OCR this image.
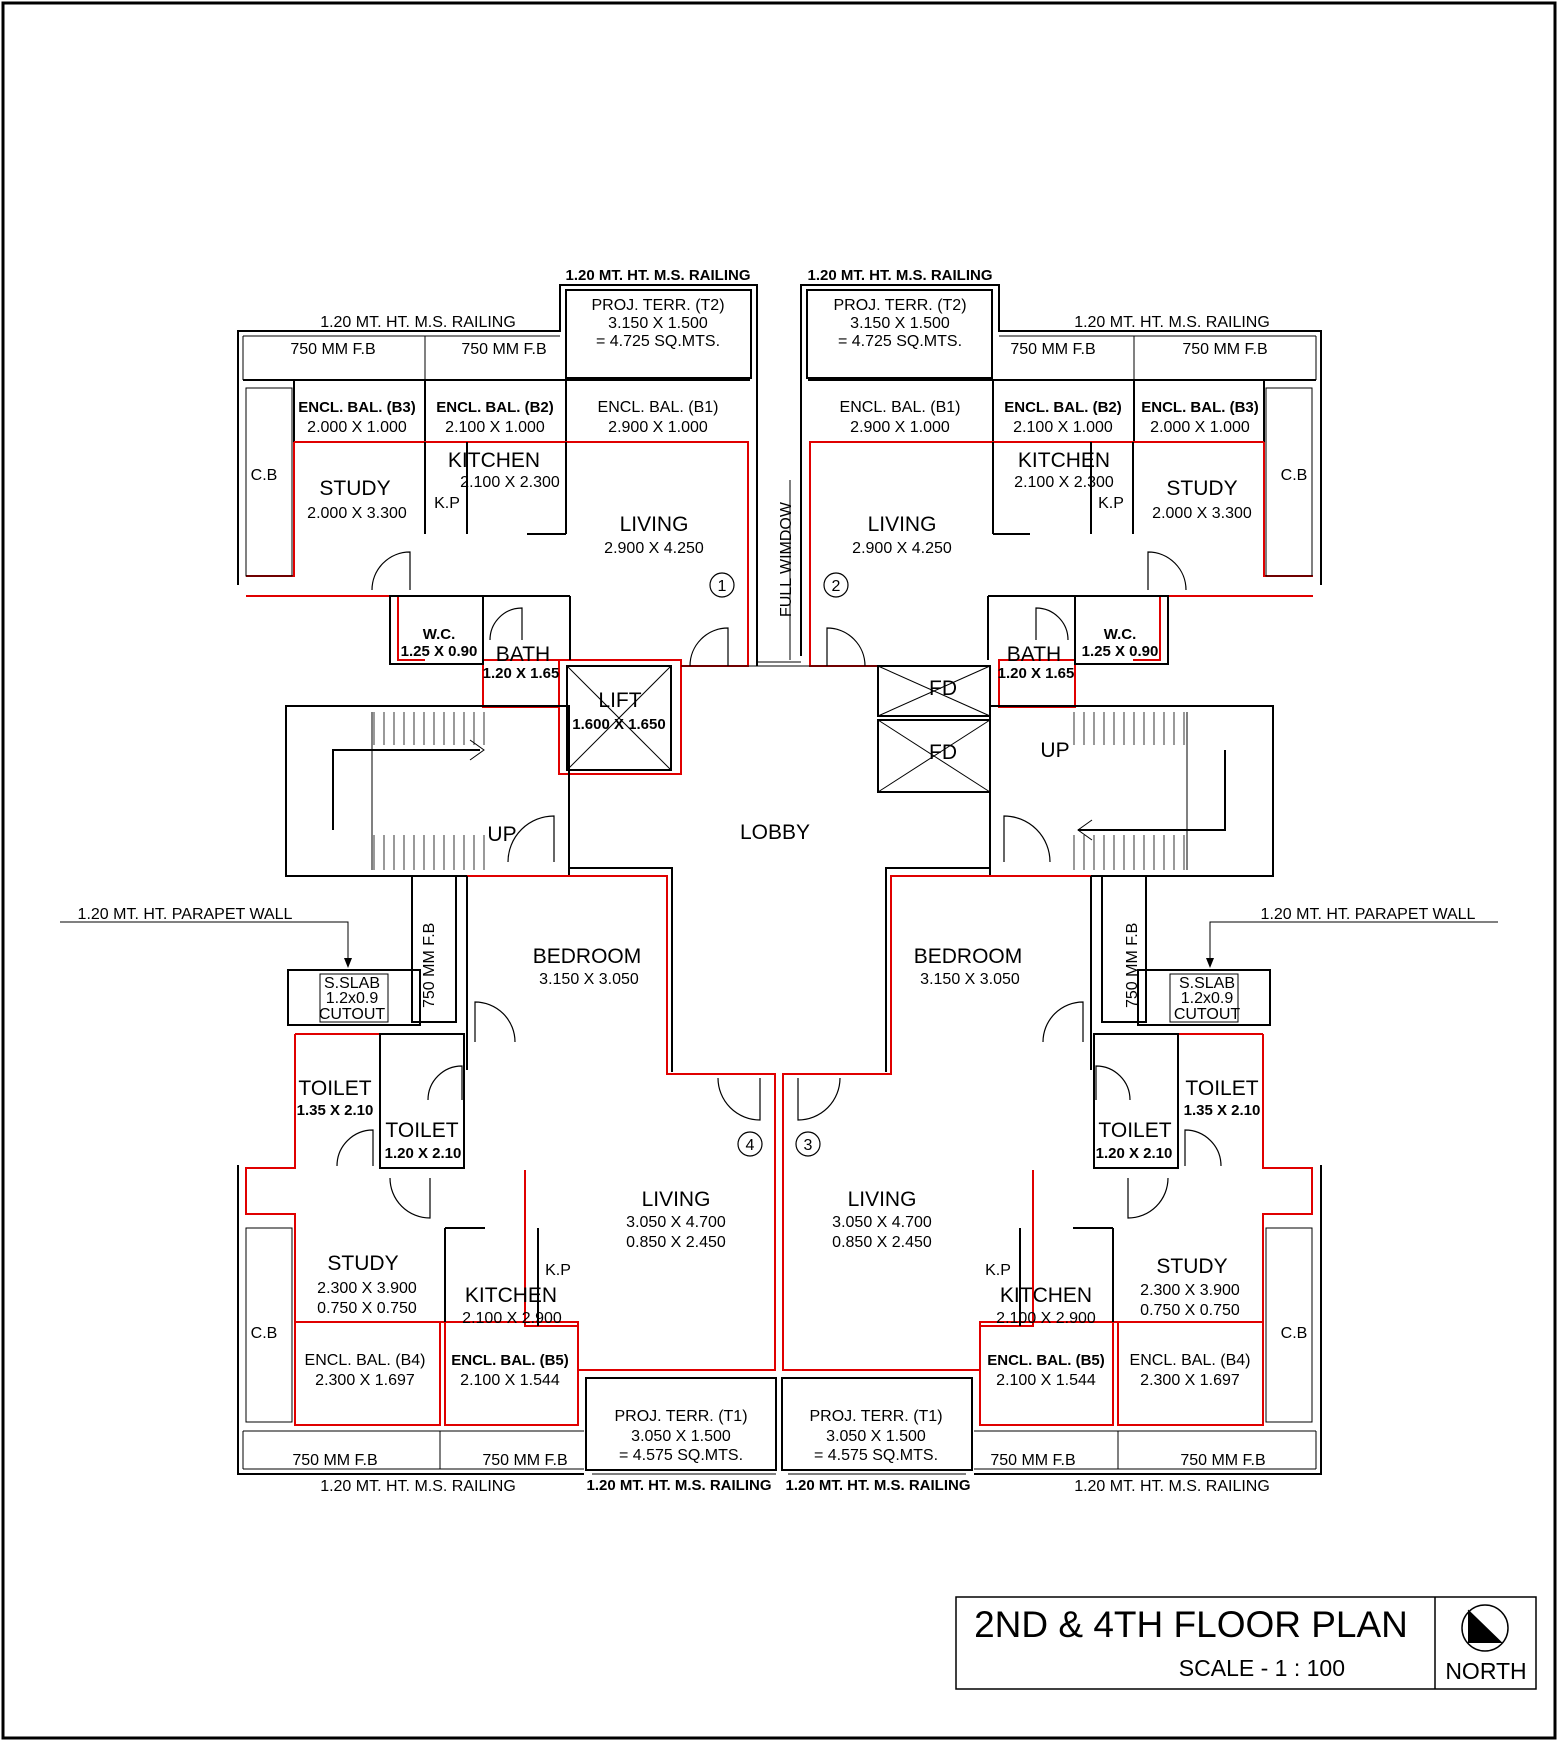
1.20 MT. HT. M.S. RAILING	1.20 MT. HT. M.S. RAILING
1.20 MT. HT. M.S. RAILING	1.20 MT. HT. M.S. RAILING
750 MM F.B	750 MM F.B	750 MM F.B	750 MM F.B
PROJ. TERR. (T2)
3.150 X 1.500
= 4.725 SQ.MTS.
PROJ. TERR. (T2)
3.150 X 1.500
= 4.725 SQ.MTS.
ENCL. BAL. (B3)
2.000 X 1.000
ENCL. BAL. (B2)
2.100 X 1.000
ENCL. BAL. (B1)
2.900 X 1.000
ENCL. BAL. (B1)
2.900 X 1.000
ENCL. BAL. (B2)
2.100 X 1.000
ENCL. BAL. (B3)
2.000 X 1.000
C.B	C.B
STUDY
2.000 X 3.300
STUDY
2.000 X 3.300
KITCHEN
2.100 X 2.300
K.P
KITCHEN
2.100 X 2.300
K.P
LIVING
2.900 X 4.250
LIVING
2.900 X 4.250
1	2
FULL WIMDOW
W.C.
1.25 X 0.90
W.C.
1.25 X 0.90
BATH
1.20 X 1.65
BATH
1.20 X 1.65
LIFT
1.600 X 1.650
FD
FD	UP
UP	LOBBY
1.20 MT. HT. PARAPET WALL	1.20 MT. HT. PARAPET WALL
750 MM F.B	750 MM F.B
BEDROOM
3.150 X 3.050
BEDROOM
3.150 X 3.050
S.SLAB
1.2x0.9
CUTOUT
S.SLAB
1.2x0.9
CUTOUT
TOILET
1.35 X 2.10
TOILET
1.20 X 2.10
TOILET
1.35 X 2.10
TOILET
1.20 X 2.10
4	3
LIVING
3.050 X 4.700
0.850 X 2.450
LIVING
3.050 X 4.700
0.850 X 2.450
K.P	K.P
STUDY
2.300 X 3.900
0.750 X 0.750
STUDY
2.300 X 3.900
0.750 X 0.750
KITCHEN
2.100 X 2.900
KITCHEN
2.100 X 2.900
C.B	C.B
ENCL. BAL. (B4)
2.300 X 1.697
ENCL. BAL. (B5)
2.100 X 1.544
ENCL. BAL. (B5)
2.100 X 1.544
ENCL. BAL. (B4)
2.300 X 1.697
PROJ. TERR. (T1)
3.050 X 1.500
= 4.575 SQ.MTS.
PROJ. TERR. (T1)
3.050 X 1.500
= 4.575 SQ.MTS.
750 MM F.B	750 MM F.B	750 MM F.B	750 MM F.B
1.20 MT. HT. M.S. RAILING	1.20 MT. HT. M.S. RAILING
1.20 MT. HT. M.S. RAILING 1.20 MT. HT. M.S. RAILING
2ND & 4TH FLOOR PLAN
SCALE - 1 : 100	NORTH
